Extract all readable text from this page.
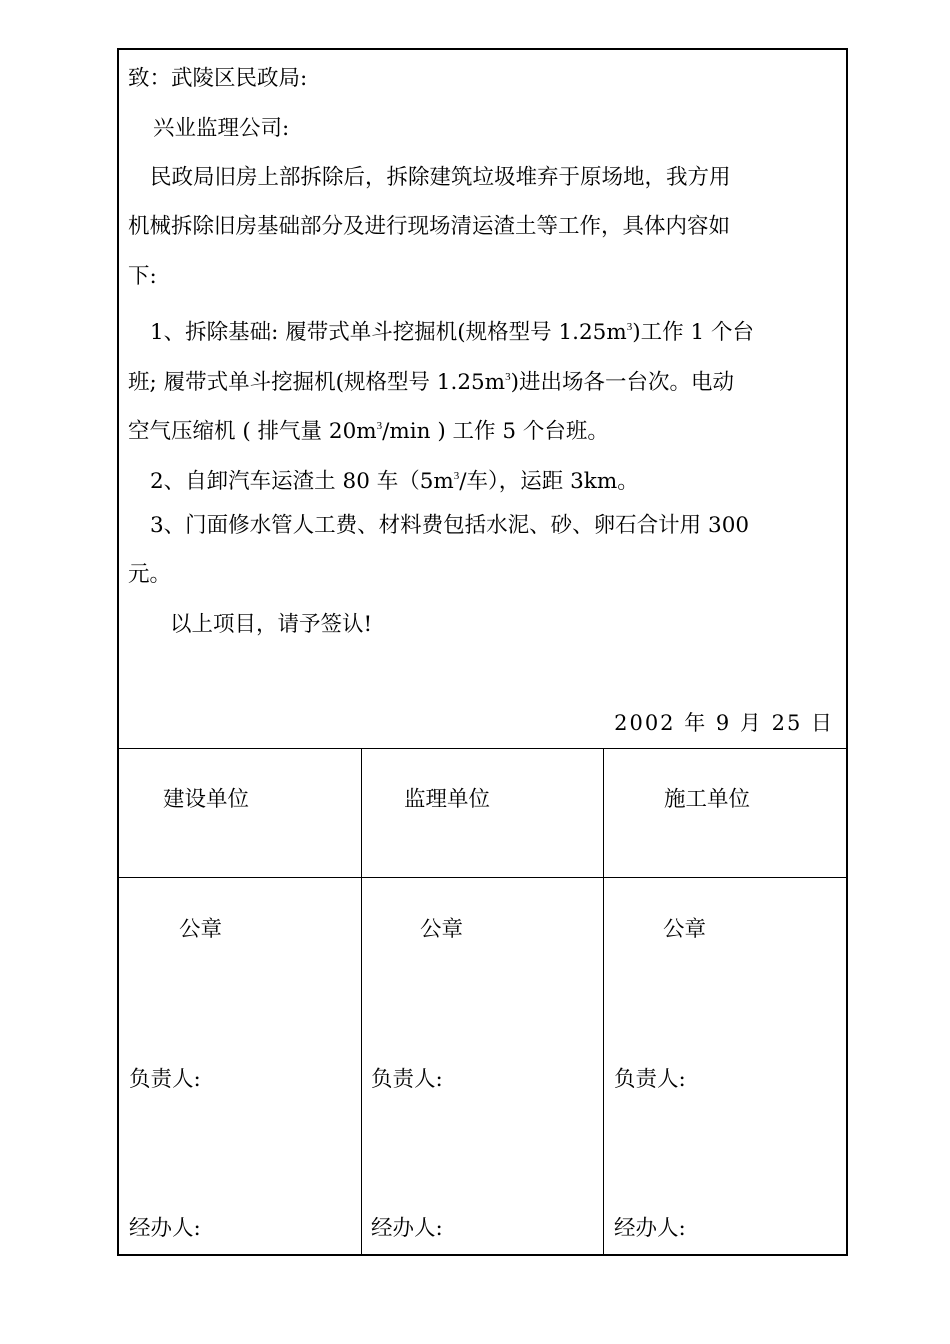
致：武陵区民政局:
兴业监理公司:
民政局旧房上部拆除后，拆除建筑垃圾堆弃于原场地，我方用
机械拆除旧房基础部分及进行现场清运渣土等工作，具体内容如
下:
1、拆除基础: 履带式单斗挖掘机(规格型号 $1.25m^3$)工作 1 个台
班; 履带式单斗挖掘机(规格型号 $1.25m^3$)进出场各一台次。电动
空气压缩机 ( 排气量 $20m^3/\min$ ) 工作 5 个台班。
2、自卸汽车运渣土 80 车（$5m^3/$车），运距 3km。
3、门面修水管人工费、材料费包括水泥、砂、卵石合计用 300
元。
以上项目，请予签认!
2002 年 9 月 25 日
建设单位
公章
负责人:
经办人:
监理单位
公章
负责人:
经办人:
施工单位
公章
负责人:
经办人:
